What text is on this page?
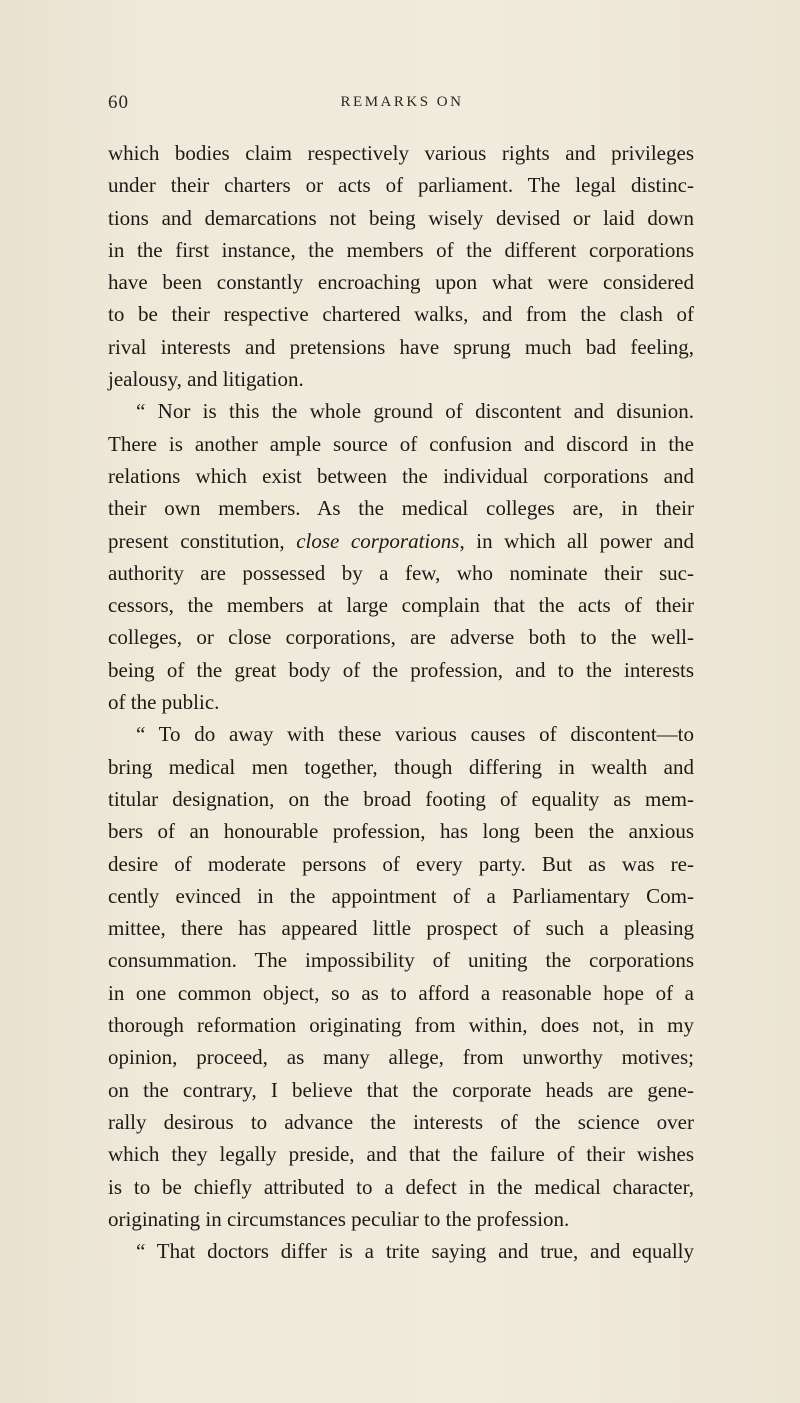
60	REMARKS ON
which bodies claim respectively various rights and privileges
under their charters or acts of parliament. The legal distinc-
tions and demarcations not being wisely devised or laid down
in the first instance, the members of the different corporations
have been constantly encroaching upon what were considered
to be their respective chartered walks, and from the clash of
rival interests and pretensions have sprung much bad feeling,
jealousy, and litigation.
“ Nor is this the whole ground of discontent and disunion.
There is another ample source of confusion and discord in the
relations which exist between the individual corporations and
their own members. As the medical colleges are, in their
present constitution, close corporations, in which all power and
authority are possessed by a few, who nominate their suc-
cessors, the members at large complain that the acts of their
colleges, or close corporations, are adverse both to the well-
being of the great body of the profession, and to the interests
of the public.
“ To do away with these various causes of discontent—to
bring medical men together, though differing in wealth and
titular designation, on the broad footing of equality as mem-
bers of an honourable profession, has long been the anxious
desire of moderate persons of every party. But as was re-
cently evinced in the appointment of a Parliamentary Com-
mittee, there has appeared little prospect of such a pleasing
consummation. The impossibility of uniting the corporations
in one common object, so as to afford a reasonable hope of a
thorough reformation originating from within, does not, in my
opinion, proceed, as many allege, from unworthy motives;
on the contrary, I believe that the corporate heads are gene-
rally desirous to advance the interests of the science over
which they legally preside, and that the failure of their wishes
is to be chiefly attributed to a defect in the medical character,
originating in circumstances peculiar to the profession.
“ That doctors differ is a trite saying and true, and equally
